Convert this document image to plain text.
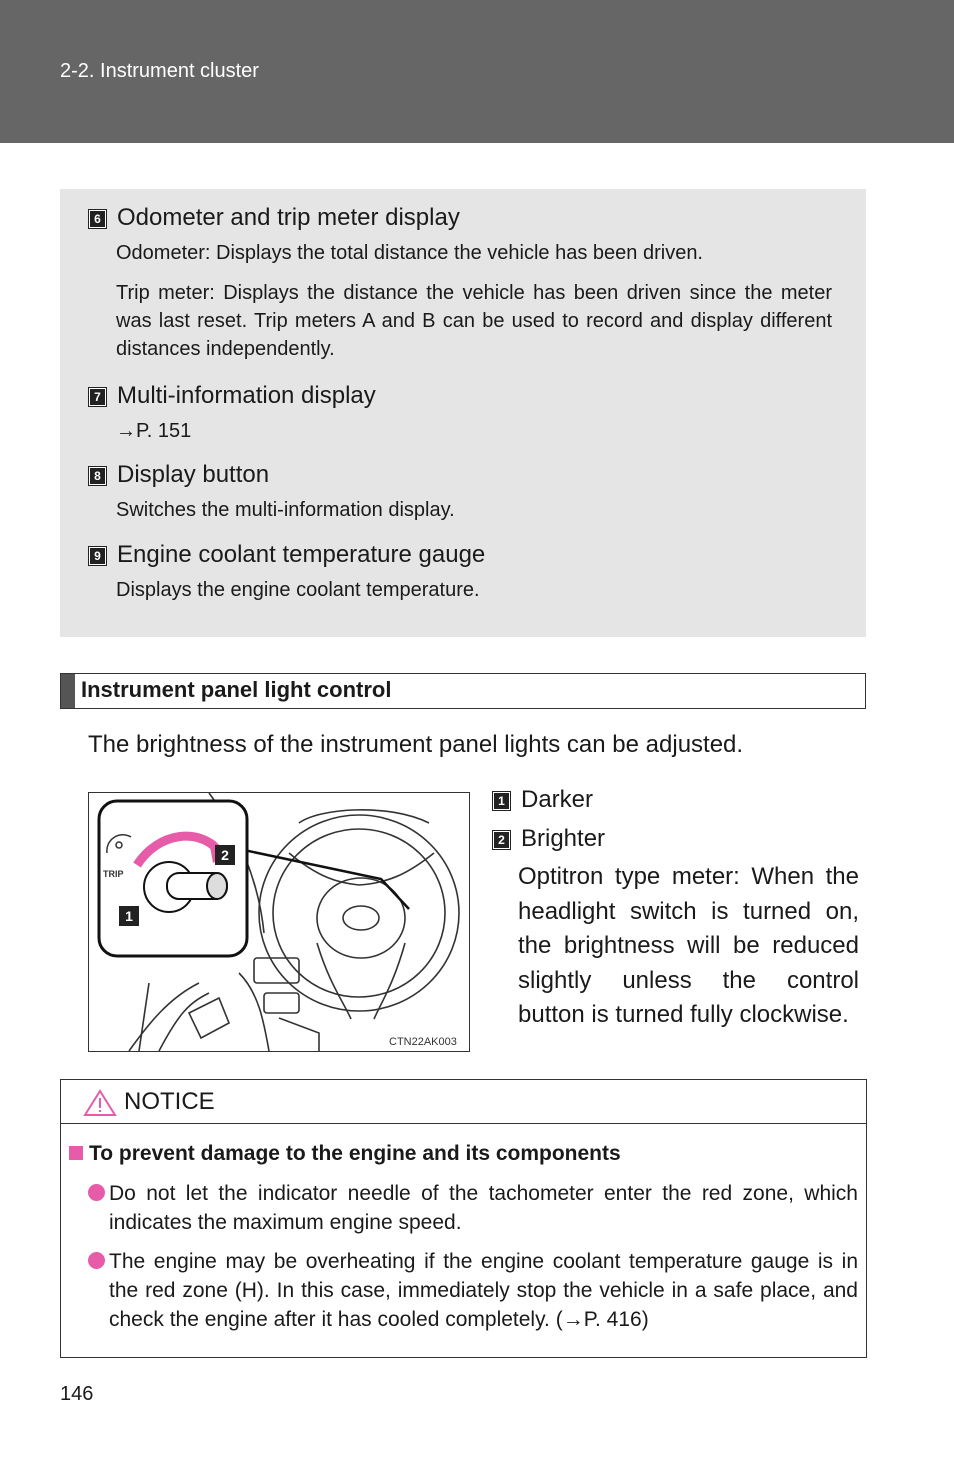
2-2. Instrument cluster
6 Odometer and trip meter display
Odometer: Displays the total distance the vehicle has been driven.
Trip meter: Displays the distance the vehicle has been driven since the meter was last reset. Trip meters A and B can be used to record and display different distances independently.
7 Multi-information display
→P. 151
8 Display button
Switches the multi-information display.
9 Engine coolant temperature gauge
Displays the engine coolant temperature.
Instrument panel light control
The brightness of the instrument panel lights can be adjusted.
TRIP
2
1
CTN22AK003
1 Darker
2 Brighter
Optitron type meter: When the headlight switch is turned on, the brightness will be reduced slightly unless the control button is turned fully clockwise.
NOTICE
To prevent damage to the engine and its components
Do not let the indicator needle of the tachometer enter the red zone, which indicates the maximum engine speed.
The engine may be overheating if the engine coolant temperature gauge is in the red zone (H). In this case, immediately stop the vehicle in a safe place, and check the engine after it has cooled completely. (→P. 416)
146
